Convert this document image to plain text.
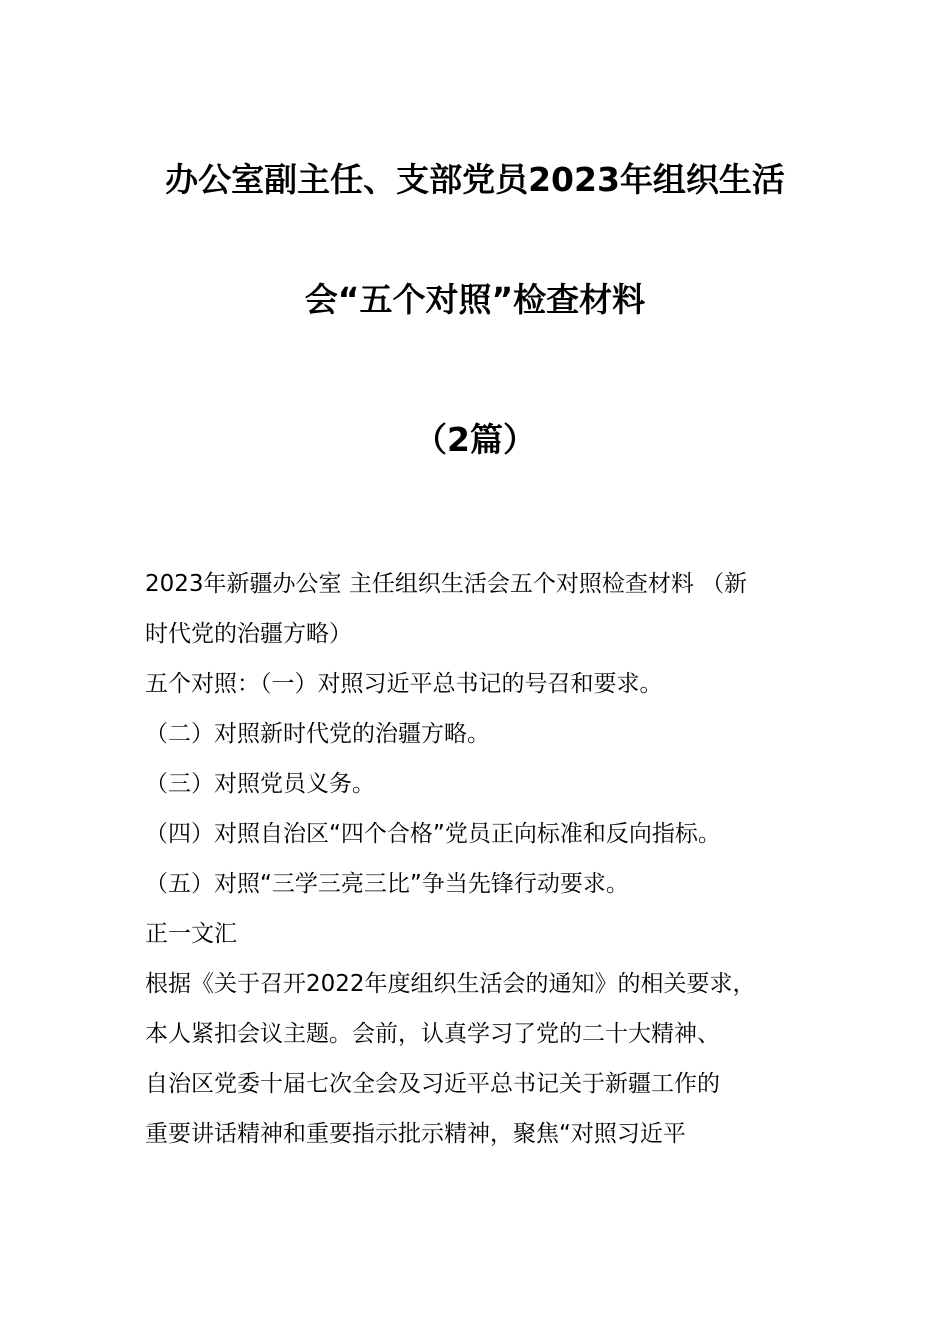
办公室副主任、支部党员2023年组织生活
会“五个对照”检查材料
（2篇）
2023年新疆办公室 主任组织生活会五个对照检查材料 （新
时代党的治疆方略）
五个对照：（一）对照习近平总书记的号召和要求。
（二）对照新时代党的治疆方略。
（三）对照党员义务。
（四）对照自治区“四个合格”党员正向标准和反向指标。
（五）对照“三学三亮三比”争当先锋行动要求。
正一文汇
根据《关于召开2022年度组织生活会的通知》的相关要求，
本人紧扣会议主题。会前，认真学习了党的二十大精神、
自治区党委十届七次全会及习近平总书记关于新疆工作的
重要讲话精神和重要指示批示精神，聚焦“对照习近平
